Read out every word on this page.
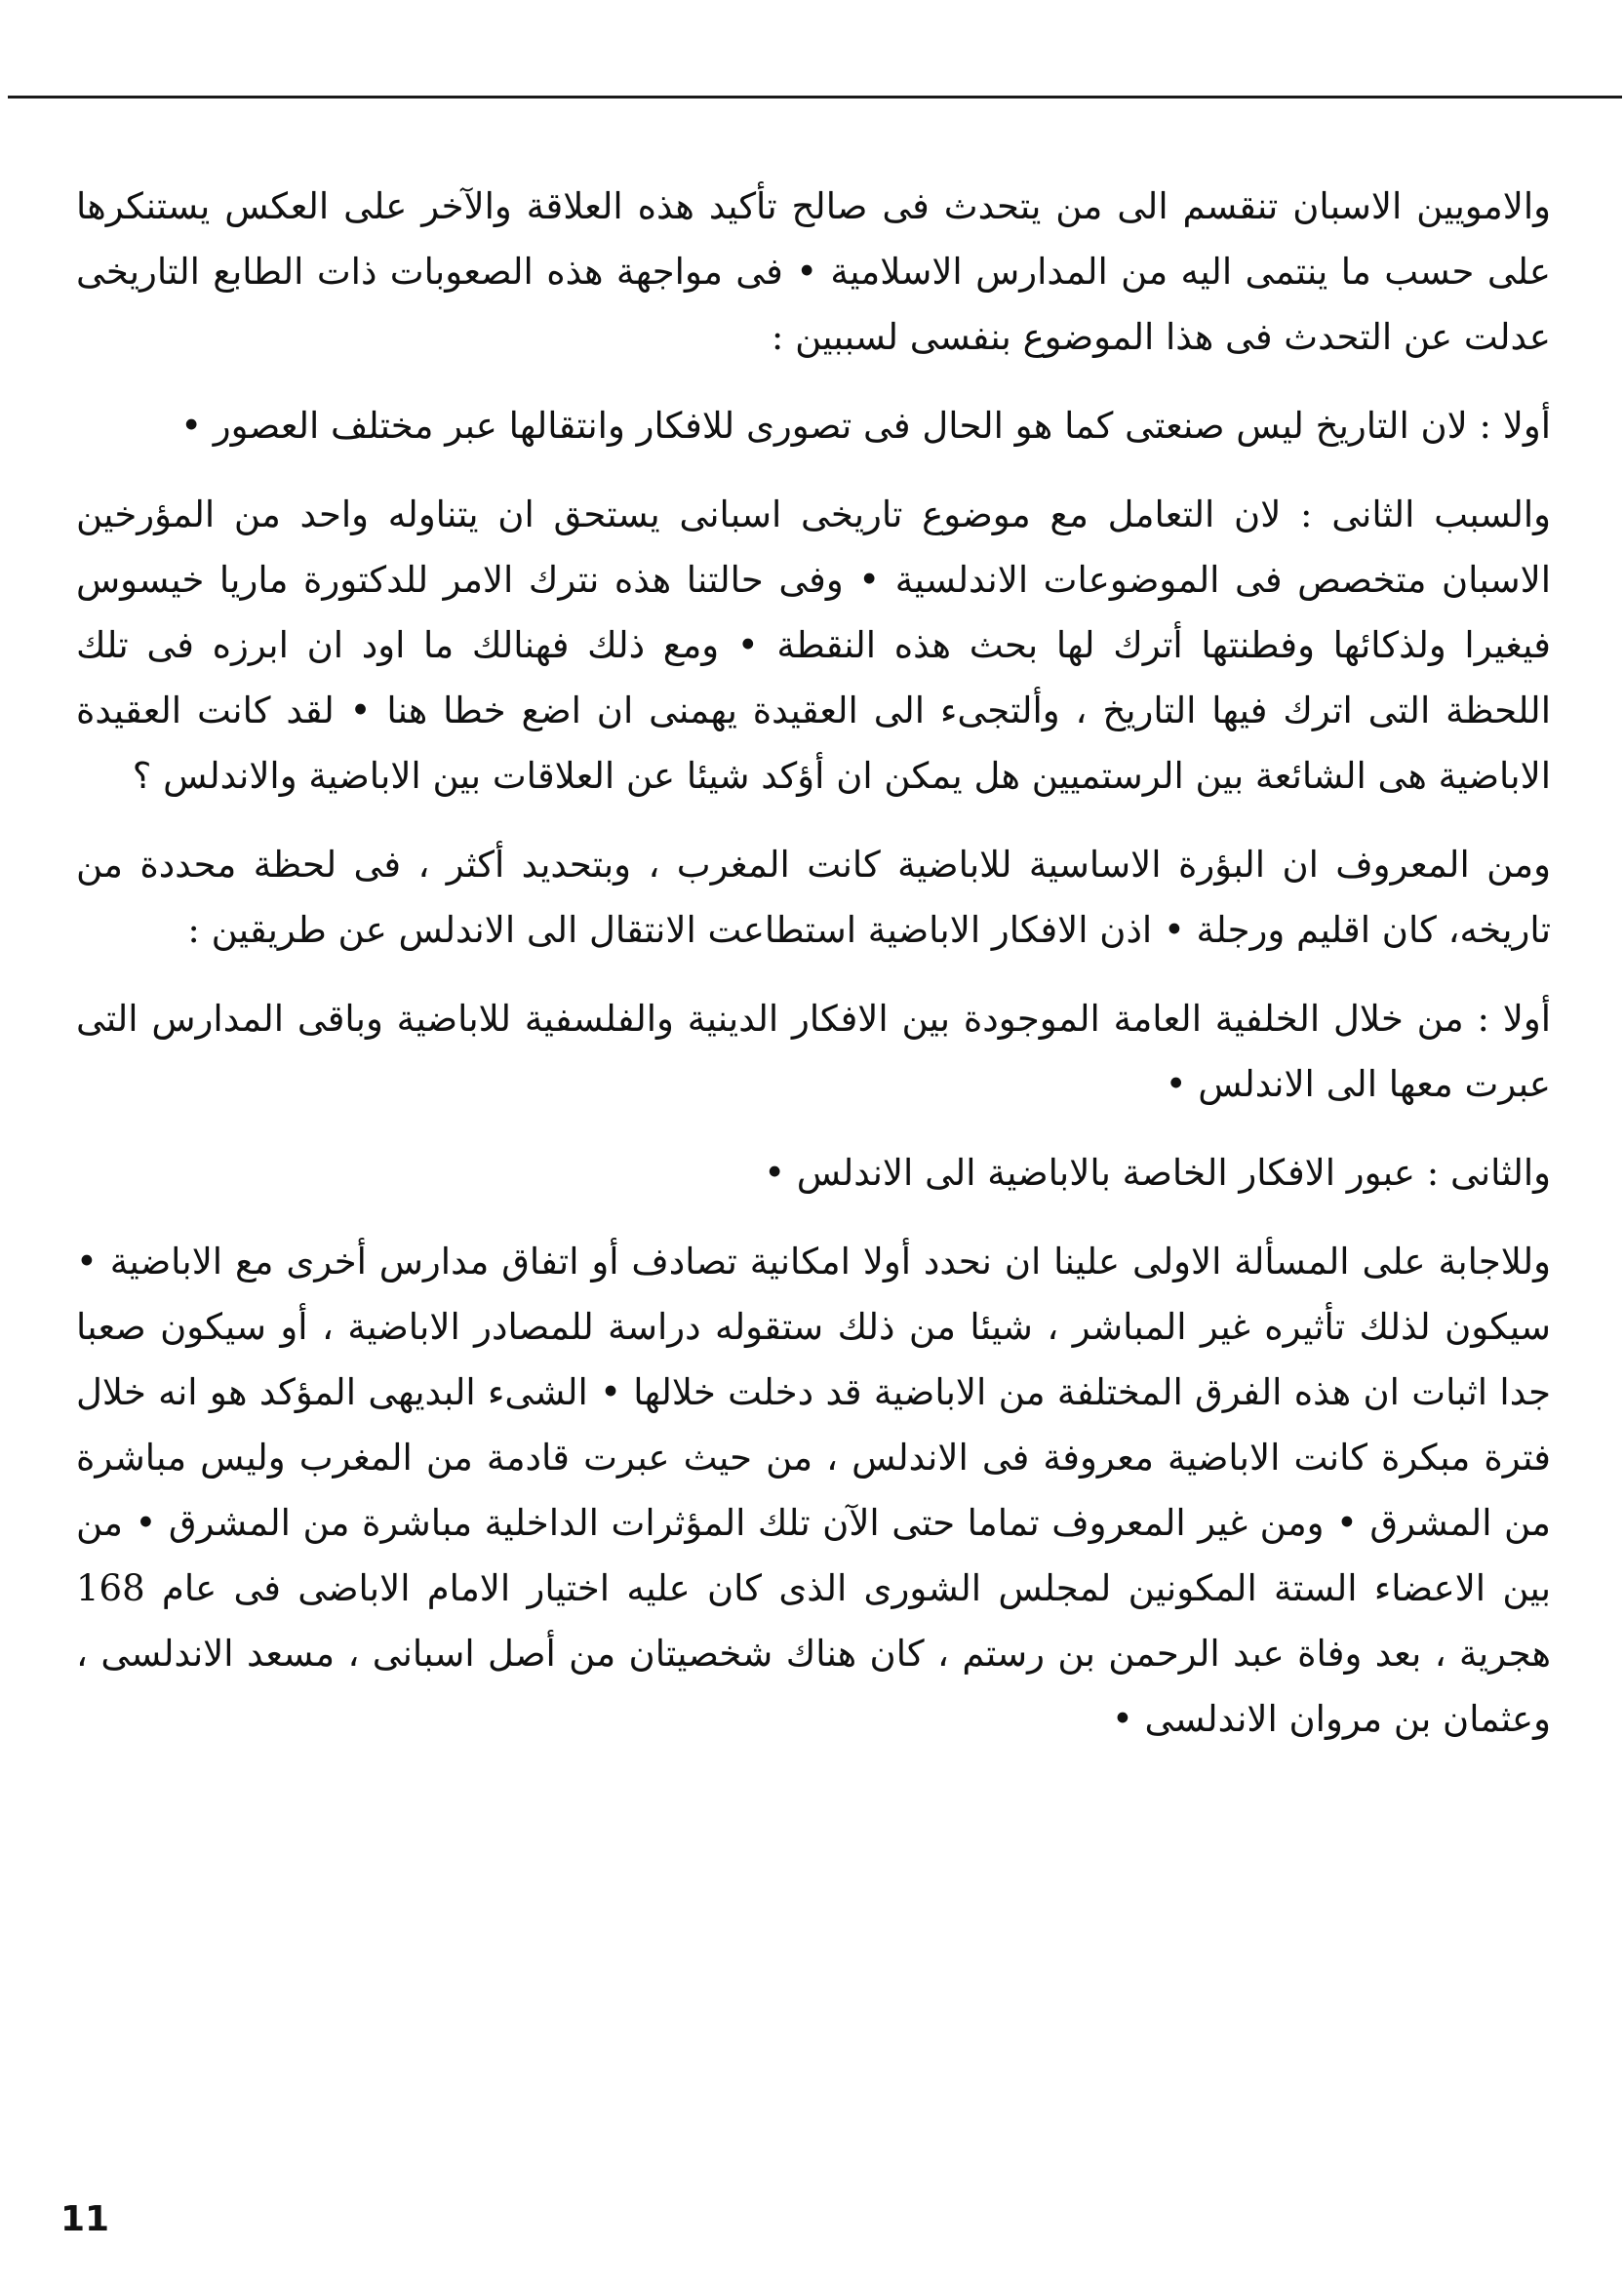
والامويين الاسبان تنقسم الى من يتحدث فى صالح تأكيد هذه العلاقة والآخر على العكس يستنكرها على حسب ما ينتمى اليه من المدارس الاسلامية • فى مواجهة هذه الصعوبات ذات الطابع التاريخى عدلت عن التحدث فى هذا الموضوع بنفسى لسببين :

أولا : لان التاريخ ليس صنعتى كما هو الحال فى تصورى للافكار وانتقالها عبر مختلف العصور •

والسبب الثانى : لان التعامل مع موضوع تاريخى اسبانى يستحق ان يتناوله واحد من المؤرخين الاسبان متخصص فى الموضوعات الاندلسية • وفى حالتنا هذه نترك الامر للدكتورة ماريا خيسوس فيغيرا ولذكائها وفطنتها أترك لها بحث هذه النقطة • ومع ذلك فهنالك ما اود ان ابرزه فى تلك اللحظة التى اترك فيها التاريخ ، وألتجىء الى العقيدة يهمنى ان اضع خطا هنا • لقد كانت العقيدة الاباضية هى الشائعة بين الرستميين هل يمكن ان أؤكد شيئا عن العلاقات بين الاباضية والاندلس ؟

ومن المعروف ان البؤرة الاساسية للاباضية كانت المغرب ، وبتحديد أكثر ، فى لحظة محددة من تاريخه، كان اقليم ورجلة • اذن الافكار الاباضية استطاعت الانتقال الى الاندلس عن طريقين :

أولا : من خلال الخلفية العامة الموجودة بين الافكار الدينية والفلسفية للاباضية وباقى المدارس التى عبرت معها الى الاندلس •

والثانى : عبور الافكار الخاصة بالاباضية الى الاندلس •

وللاجابة على المسألة الاولى علينا ان نحدد أولا امكانية تصادف أو اتفاق مدارس أخرى مع الاباضية • سيكون لذلك تأثيره غير المباشر ، شيئا من ذلك ستقوله دراسة للمصادر الاباضية ، أو سيكون صعبا جدا اثبات ان هذه الفرق المختلفة من الاباضية قد دخلت خلالها • الشىء البديهى المؤكد هو انه خلال فترة مبكرة كانت الاباضية معروفة فى الاندلس ، من حيث عبرت قادمة من المغرب وليس مباشرة من المشرق • ومن غير المعروف تماما حتى الآن تلك المؤثرات الداخلية مباشرة من المشرق • من بين الاعضاء الستة المكونين لمجلس الشورى الذى كان عليه اختيار الامام الاباضى فى عام 168 هجرية ، بعد وفاة عبد الرحمن بن رستم ، كان هناك شخصيتان من أصل اسبانى ، مسعد الاندلسى ، وعثمان بن مروان الاندلسى •

11
